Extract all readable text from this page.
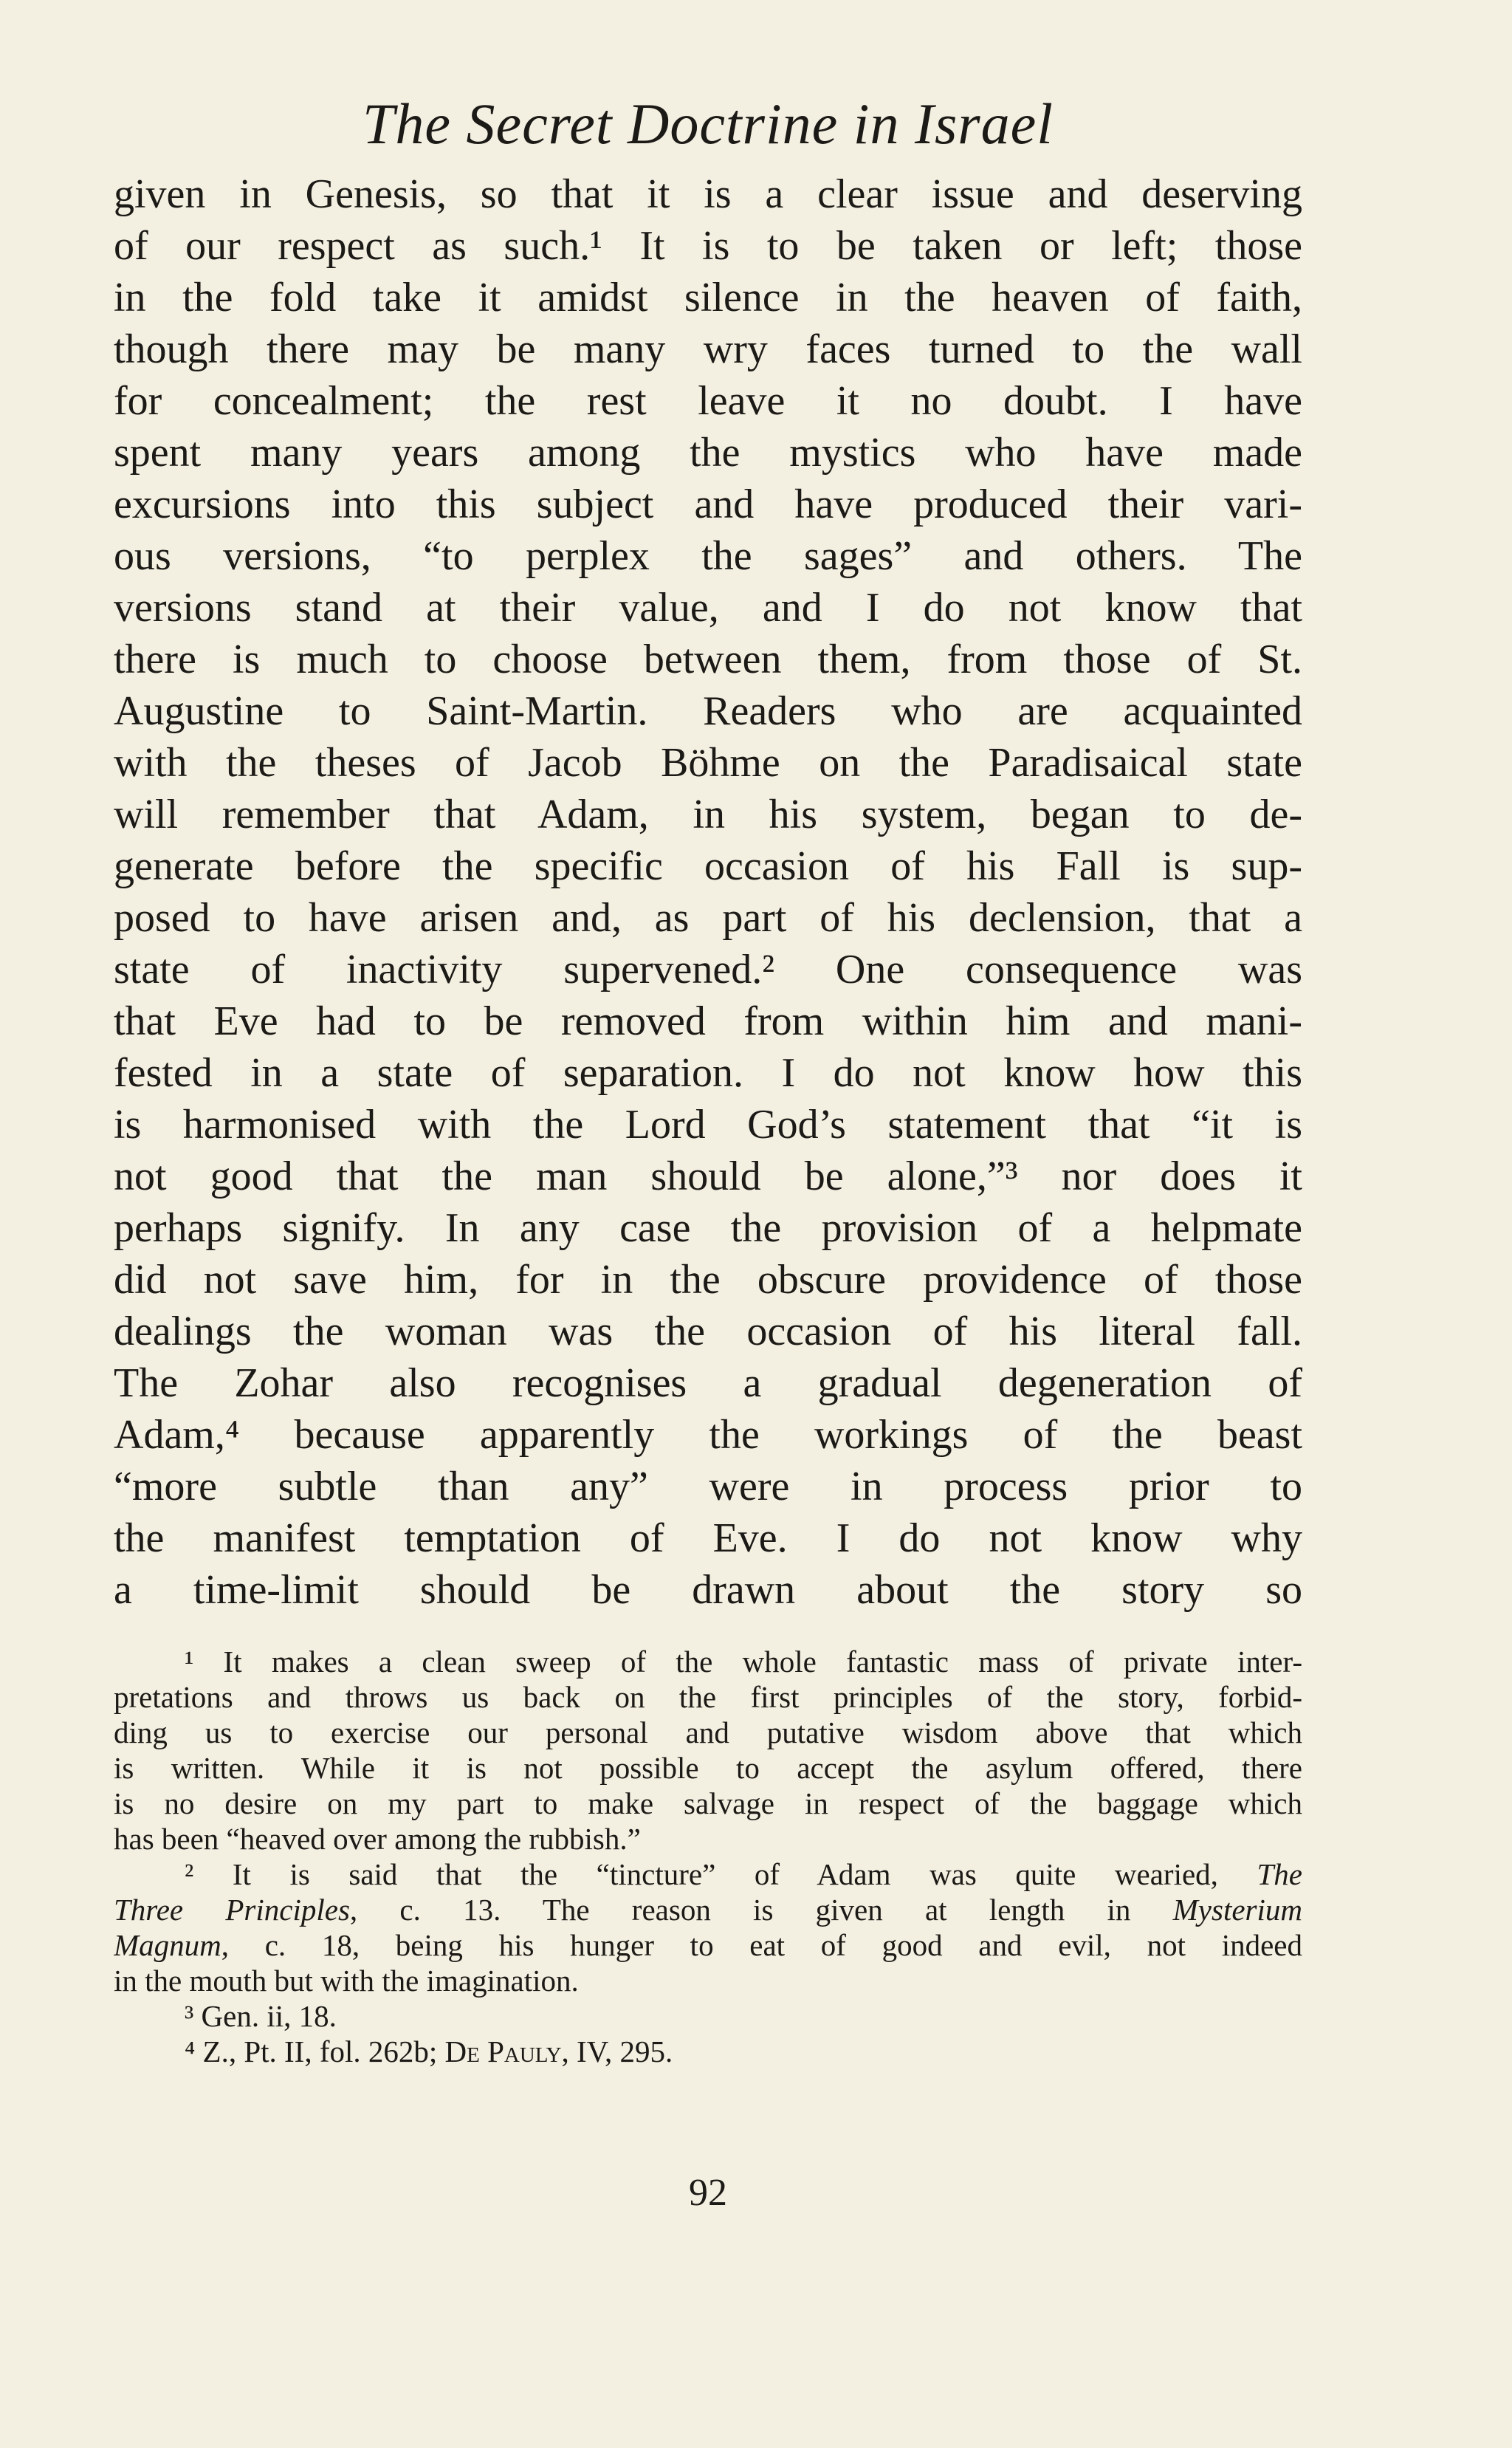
The Secret Doctrine in Israel
given in Genesis, so that it is a clear issue and deserving
of our respect as such.¹ It is to be taken or left; those
in the fold take it amidst silence in the heaven of faith,
though there may be many wry faces turned to the wall
for concealment; the rest leave it no doubt. I have
spent many years among the mystics who have made
excursions into this subject and have produced their vari-
ous versions, “to perplex the sages” and others. The
versions stand at their value, and I do not know that
there is much to choose between them, from those of St.
Augustine to Saint-Martin. Readers who are acquainted
with the theses of Jacob Böhme on the Paradisaical state
will remember that Adam, in his system, began to de-
generate before the specific occasion of his Fall is sup-
posed to have arisen and, as part of his declension, that a
state of inactivity supervened.² One consequence was
that Eve had to be removed from within him and mani-
fested in a state of separation. I do not know how this
is harmonised with the Lord God’s statement that “it is
not good that the man should be alone,”³ nor does it
perhaps signify. In any case the provision of a helpmate
did not save him, for in the obscure providence of those
dealings the woman was the occasion of his literal fall.
The Zohar also recognises a gradual degeneration of
Adam,⁴ because apparently the workings of the beast
“more subtle than any” were in process prior to
the manifest temptation of Eve. I do not know why
a time-limit should be drawn about the story so
¹ It makes a clean sweep of the whole fantastic mass of private inter-
pretations and throws us back on the first principles of the story, forbid-
ding us to exercise our personal and putative wisdom above that which
is written. While it is not possible to accept the asylum offered, there
is no desire on my part to make salvage in respect of the baggage which
has been “heaved over among the rubbish.”
² It is said that the “tincture” of Adam was quite wearied, The
Three Principles, c. 13. The reason is given at length in Mysterium
Magnum, c. 18, being his hunger to eat of good and evil, not indeed
in the mouth but with the imagination.
³ Gen. ii, 18.
⁴ Z., Pt. II, fol. 262b; De Pauly, IV, 295.
92
